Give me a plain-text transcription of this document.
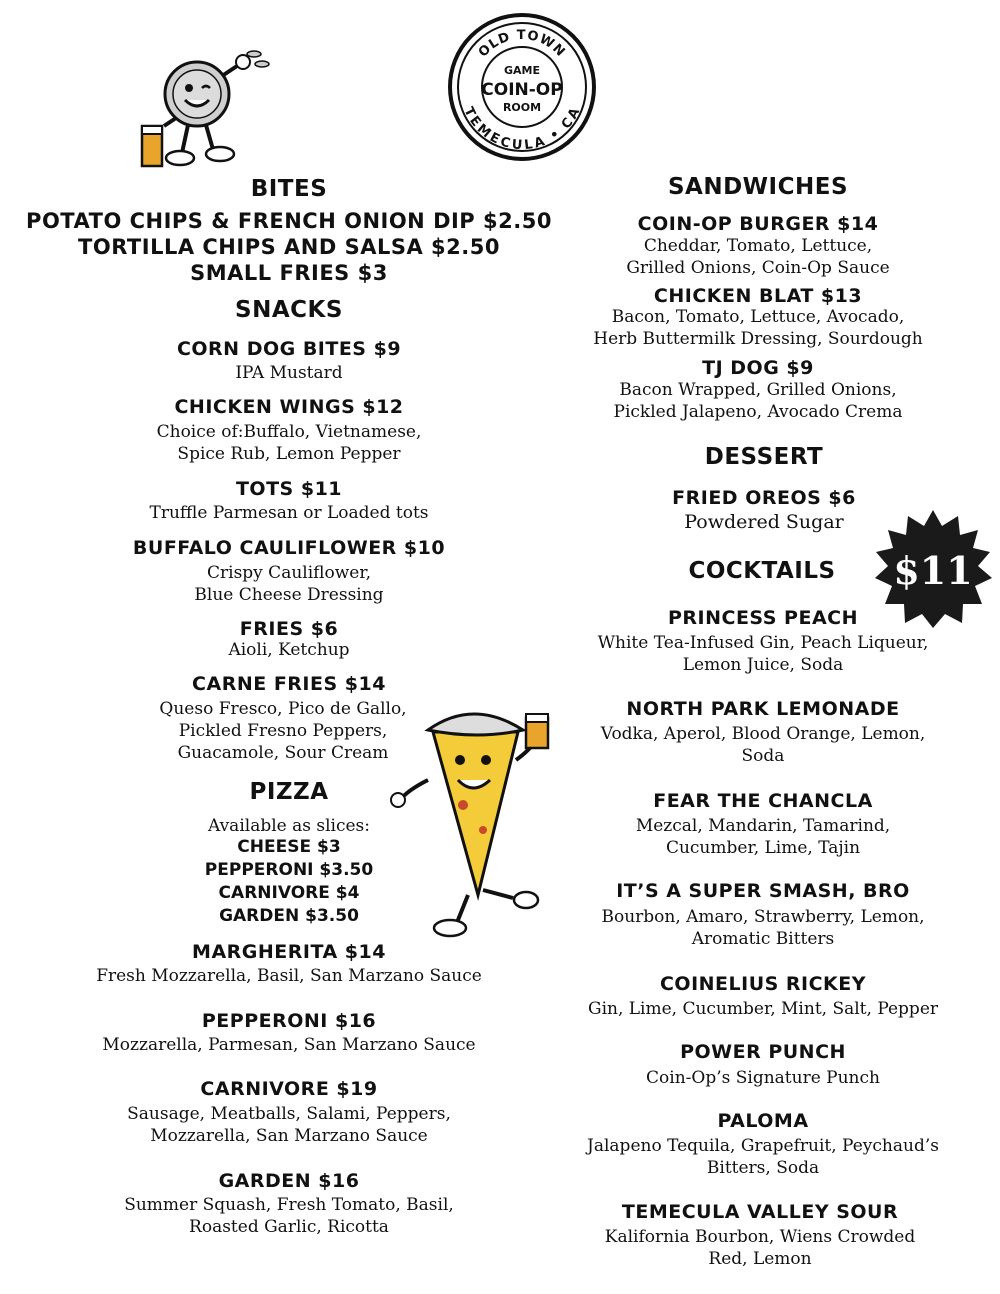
OLD TOWN
TEMECULA • CA
GAME
COIN-OP
ROOM
$11
BITES
POTATO CHIPS & FRENCH ONION DIP $2.50
TORTILLA CHIPS AND SALSA $2.50
SMALL FRIES $3
SNACKS
CORN DOG BITES $9
IPA Mustard
CHICKEN WINGS $12
Choice of:Buffalo, Vietnamese,
Spice Rub, Lemon Pepper
TOTS $11
Truffle Parmesan or Loaded tots
BUFFALO CAULIFLOWER $10
Crispy Cauliflower,
Blue Cheese Dressing
FRIES $6
Aioli, Ketchup
CARNE FRIES $14
Queso Fresco, Pico de Gallo,
Pickled Fresno Peppers,
Guacamole, Sour Cream
PIZZA
Available as slices:
CHEESE $3
PEPPERONI $3.50
CARNIVORE $4
GARDEN $3.50
MARGHERITA $14
Fresh Mozzarella, Basil, San Marzano Sauce
PEPPERONI $16
Mozzarella, Parmesan, San Marzano Sauce
CARNIVORE $19
Sausage, Meatballs, Salami, Peppers,
Mozzarella, San Marzano Sauce
GARDEN $16
Summer Squash, Fresh Tomato, Basil,
Roasted Garlic, Ricotta
SANDWICHES
COIN-OP BURGER $14
Cheddar, Tomato, Lettuce,
Grilled Onions, Coin-Op Sauce
CHICKEN BLAT $13
Bacon, Tomato, Lettuce, Avocado,
Herb Buttermilk Dressing, Sourdough
TJ DOG $9
Bacon Wrapped, Grilled Onions,
Pickled Jalapeno, Avocado Crema
DESSERT
FRIED OREOS $6
Powdered Sugar
COCKTAILS
PRINCESS PEACH
White Tea-Infused Gin, Peach Liqueur,
Lemon Juice, Soda
NORTH PARK LEMONADE
Vodka, Aperol, Blood Orange, Lemon,
Soda
FEAR THE CHANCLA
Mezcal, Mandarin, Tamarind,
Cucumber, Lime, Tajin
IT’S A SUPER SMASH, BRO
Bourbon, Amaro, Strawberry, Lemon,
Aromatic Bitters
COINELIUS RICKEY
Gin, Lime, Cucumber, Mint, Salt, Pepper
POWER PUNCH
Coin-Op’s Signature Punch
PALOMA
Jalapeno Tequila, Grapefruit, Peychaud’s
Bitters, Soda
TEMECULA VALLEY SOUR
Kalifornia Bourbon, Wiens Crowded
Red, Lemon
